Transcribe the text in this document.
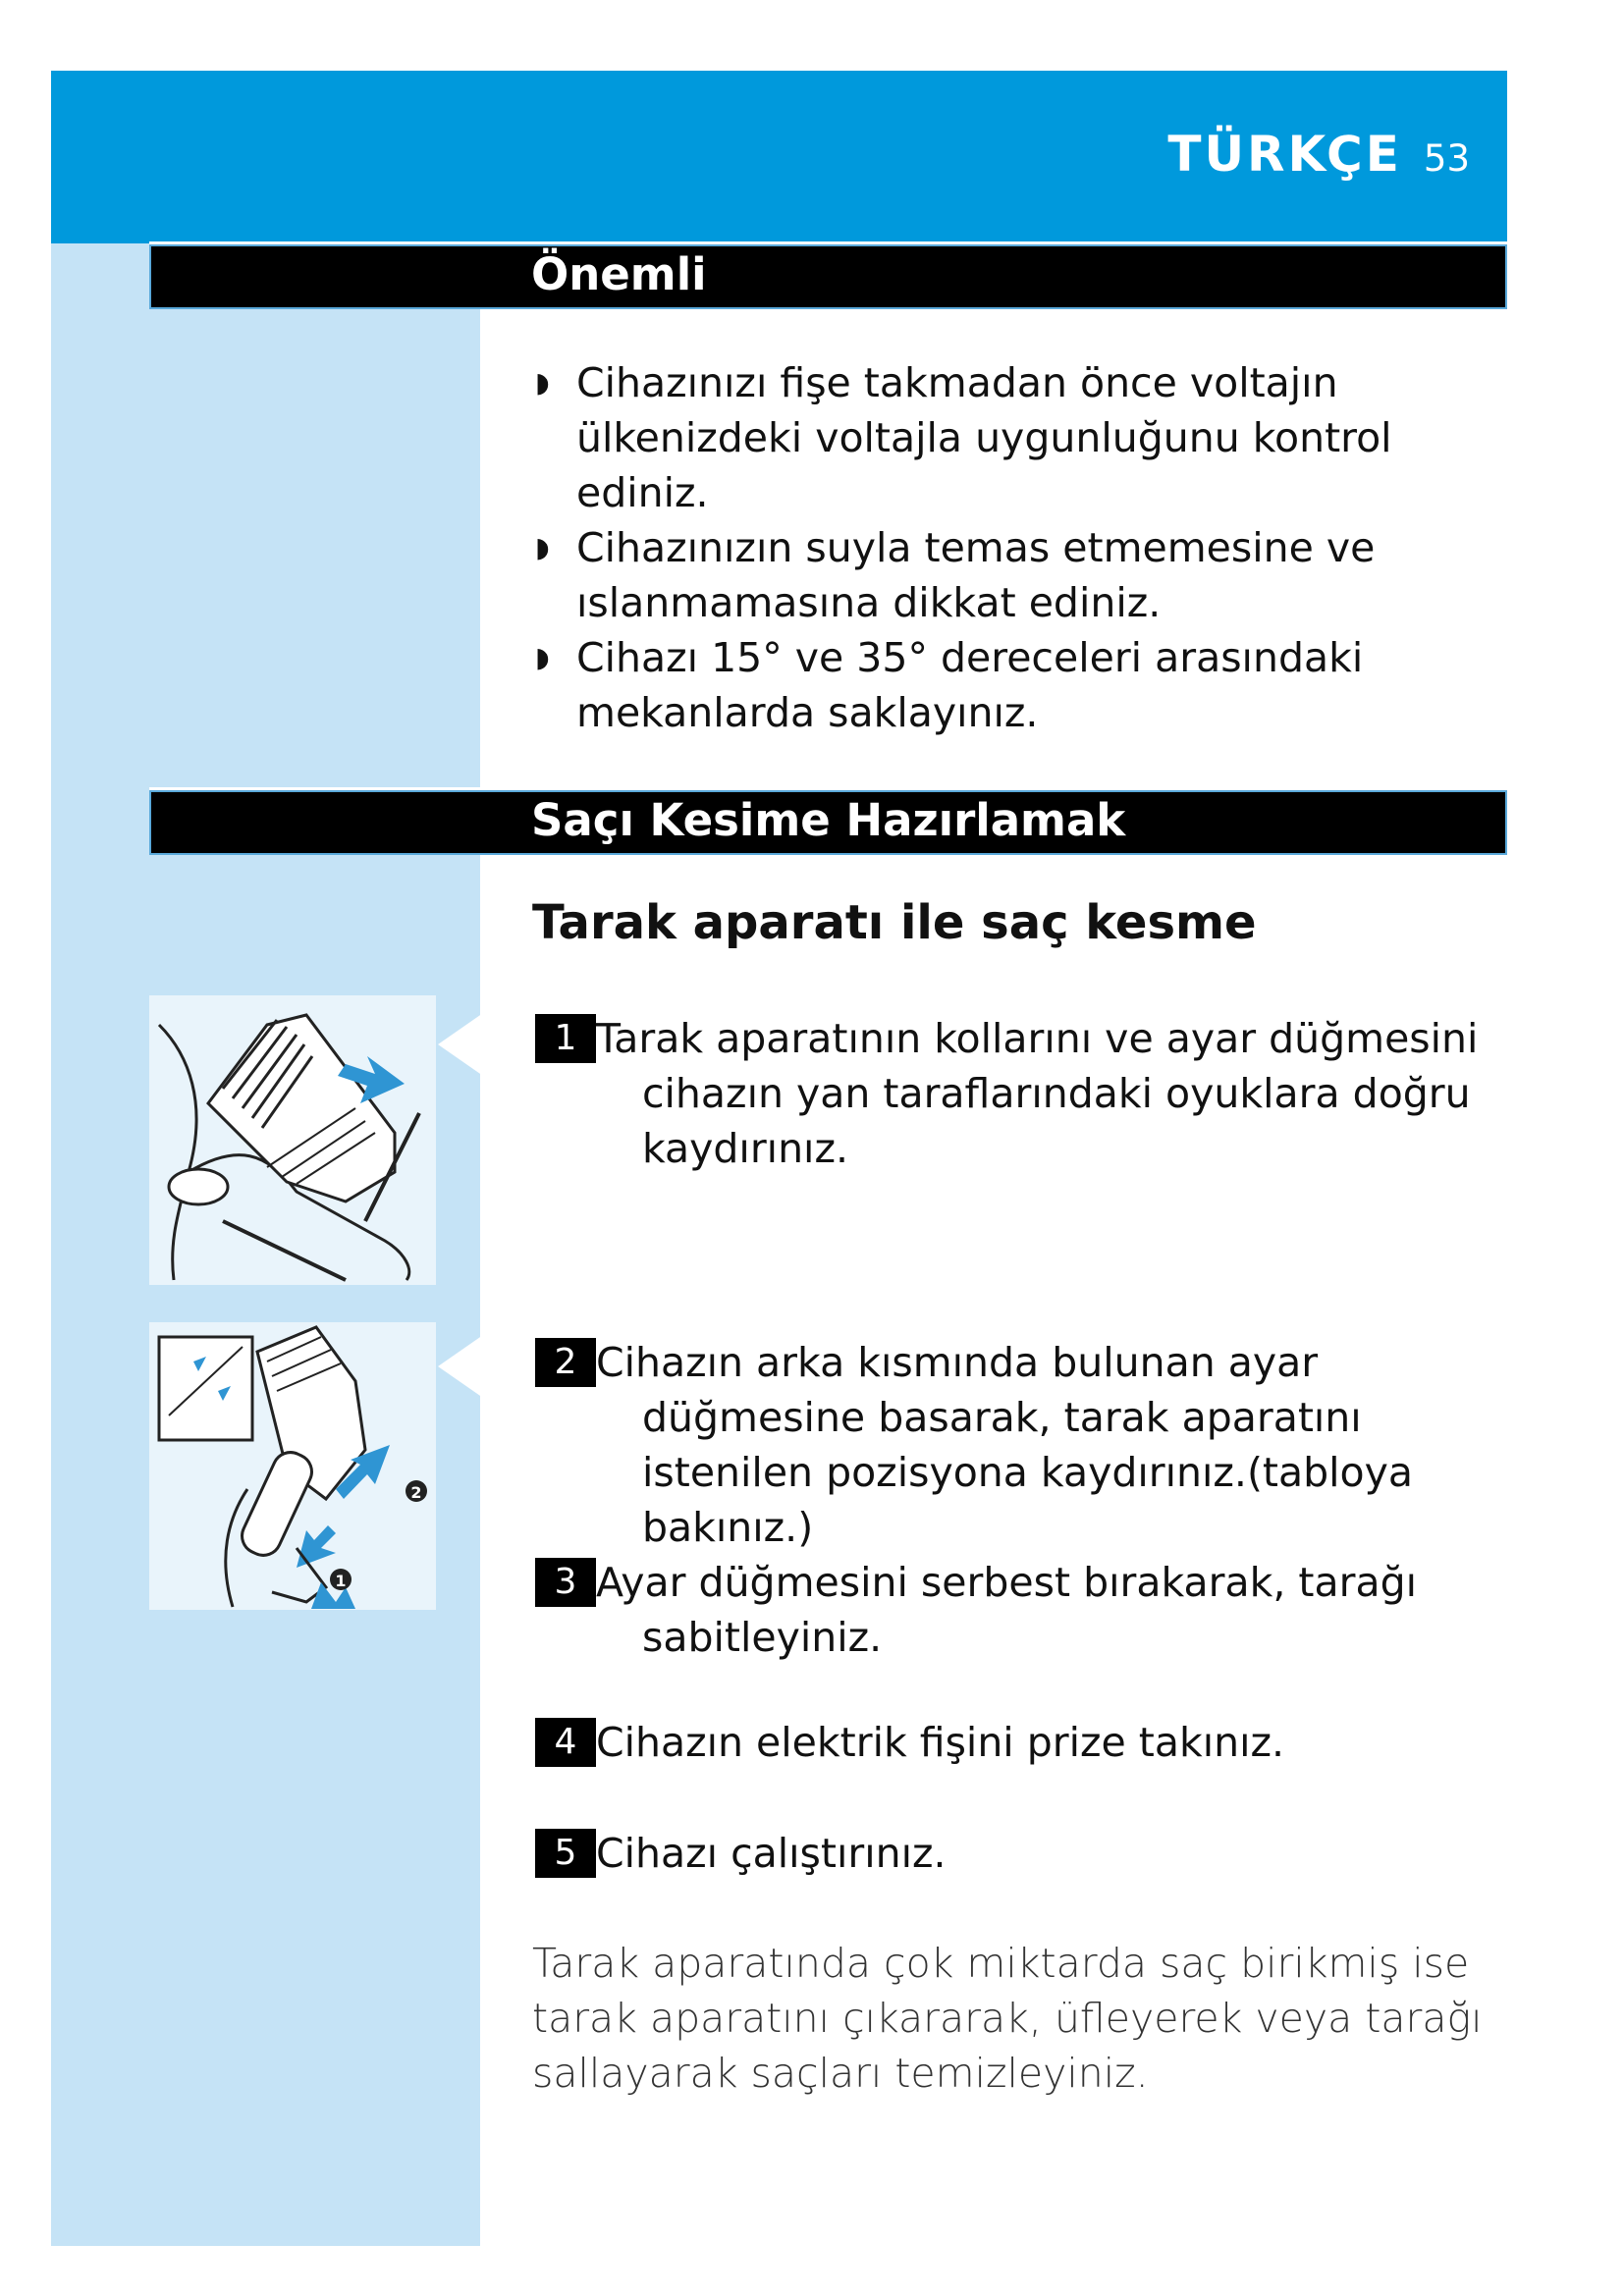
TÜRKÇE 53
Önemli
◗ Cihazınızı fişe takmadan önce voltajın ülkenizdeki voltajla uygunluğunu kontrol ediniz.
◗ Cihazınızın suyla temas etmemesine ve ıslanmamasına dikkat ediniz.
◗ Cihazı 15° ve 35° dereceleri arasındaki mekanlarda saklayınız.
Saçı Kesime Hazırlamak
Tarak aparatı ile saç kesme
2
1
1 Tarak aparatının kollarını ve ayar düğmesini
cihazın yan taraflarındaki oyuklara doğru kaydırınız.
2 Cihazın arka kısmında bulunan ayar
düğmesine basarak, tarak aparatını istenilen pozisyona kaydırınız.(tabloya bakınız.)
3 Ayar düğmesini serbest bırakarak, tarağı
sabitleyiniz.
4 Cihazın elektrik fişini prize takınız.
5 Cihazı çalıştırınız.
Tarak aparatında çok miktarda saç birikmiş ise tarak aparatını çıkararak, üfleyerek veya tarağı sallayarak saçları temizleyiniz.
